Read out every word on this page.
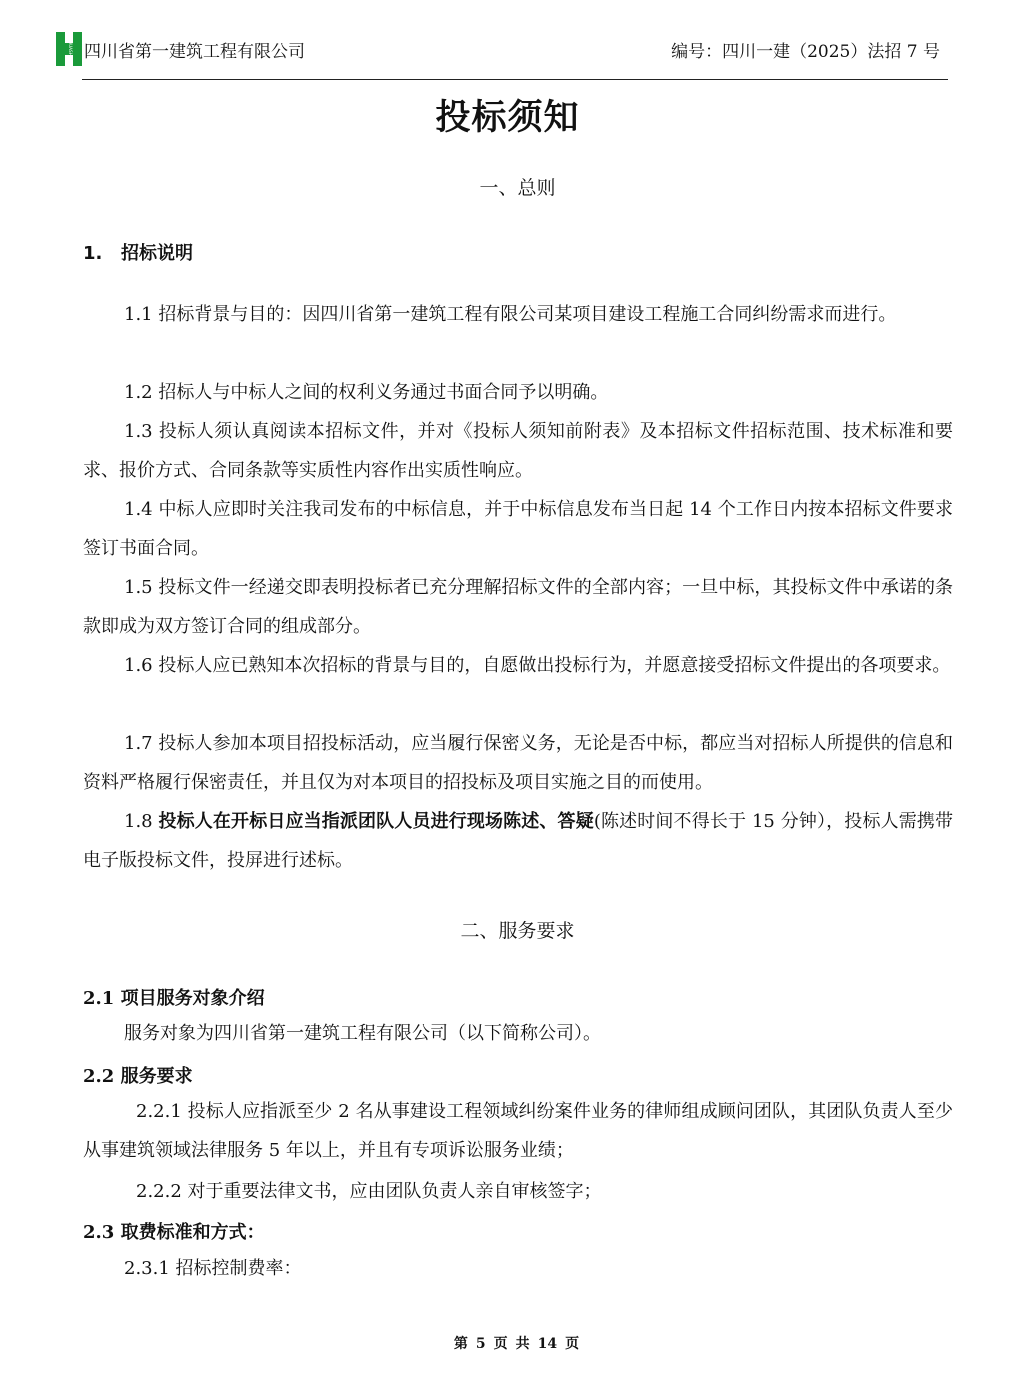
HUASHI 四川省第一建筑工程有限公司	编号：四川一建（2025）法招 7 号
投标须知
一、总则
1. 招标说明
1.1 招标背景与目的：因四川省第一建筑工程有限公司某项目建设工程施工合同纠纷需求而进行。
1.2 招标人与中标人之间的权利义务通过书面合同予以明确。
1.3 投标人须认真阅读本招标文件，并对《投标人须知前附表》及本招标文件招标范围、技术标准和要求、报价方式、合同条款等实质性内容作出实质性响应。
1.4 中标人应即时关注我司发布的中标信息，并于中标信息发布当日起 14 个工作日内按本招标文件要求签订书面合同。
1.5 投标文件一经递交即表明投标者已充分理解招标文件的全部内容；一旦中标，其投标文件中承诺的条款即成为双方签订合同的组成部分。
1.6 投标人应已熟知本次招标的背景与目的，自愿做出投标行为，并愿意接受招标文件提出的各项要求。
1.7 投标人参加本项目招投标活动，应当履行保密义务，无论是否中标，都应当对招标人所提供的信息和资料严格履行保密责任，并且仅为对本项目的招投标及项目实施之目的而使用。
1.8 投标人在开标日应当指派团队人员进行现场陈述、答疑(陈述时间不得长于 15 分钟），投标人需携带电子版投标文件，投屏进行述标。
二、服务要求
2.1 项目服务对象介绍
服务对象为四川省第一建筑工程有限公司（以下简称公司）。
2.2 服务要求
2.2.1 投标人应指派至少 2 名从事建设工程领域纠纷案件业务的律师组成顾问团队，其团队负责人至少从事建筑领域法律服务 5 年以上，并且有专项诉讼服务业绩；
2.2.2 对于重要法律文书，应由团队负责人亲自审核签字；
2.3 取费标准和方式：
2.3.1 招标控制费率：
第 5 页 共 14 页
